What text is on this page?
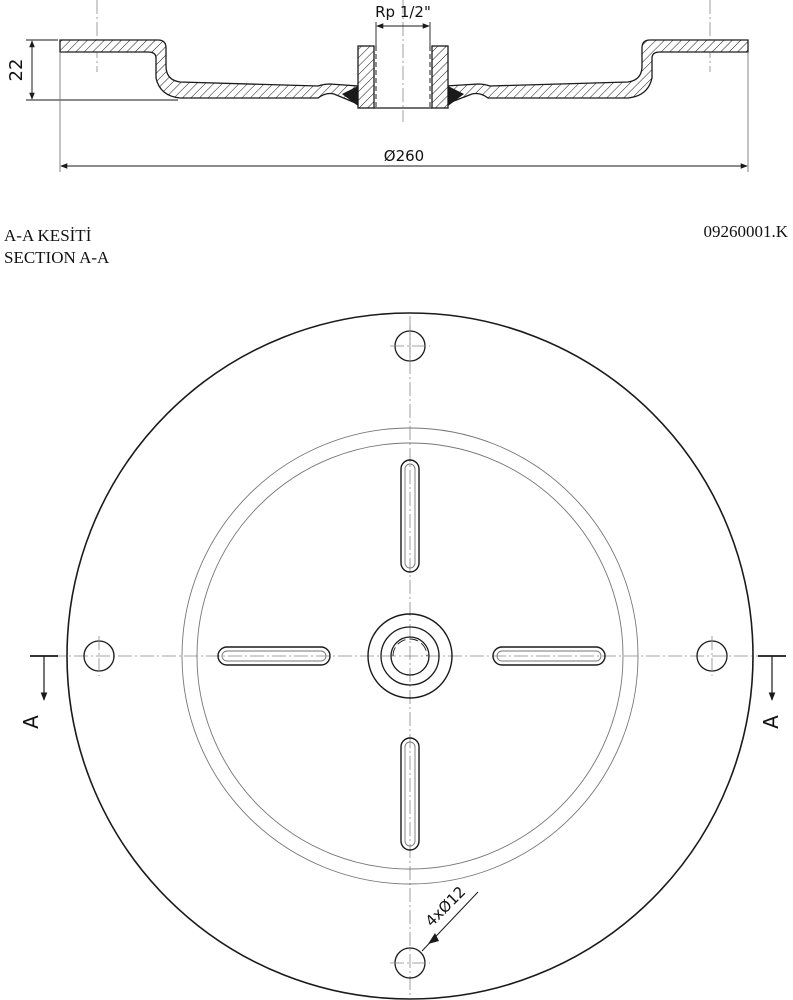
A-A KESİTİ
SECTION A-A
09260001.K
Rp 1/2"
22
Ø260
A	A
4xØ12
